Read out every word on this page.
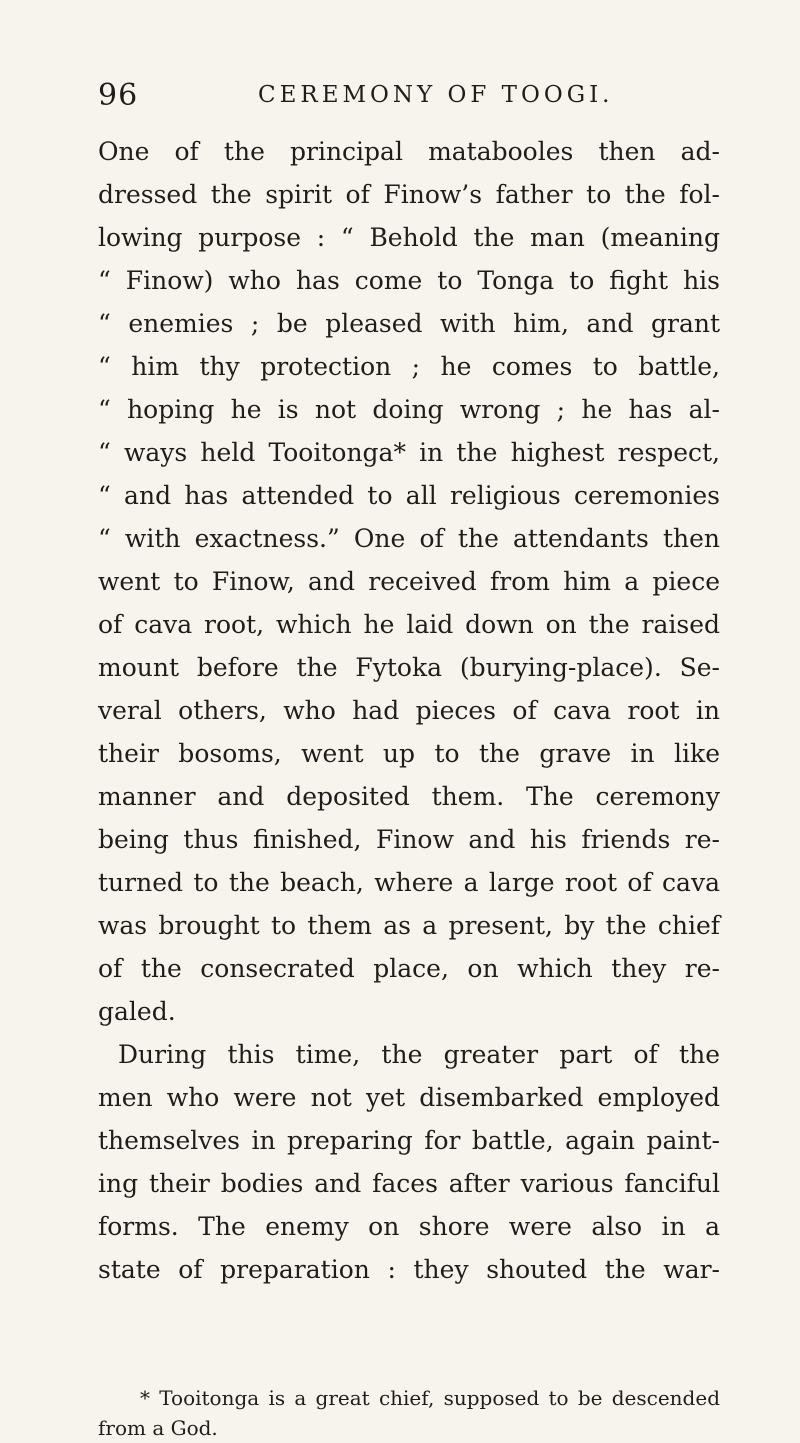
96	CEREMONY OF TOOGI.
One of the principal matabooles then ad-
dressed the spirit of Finow’s father to the fol-
lowing purpose : “ Behold the man (meaning
“ Finow) who has come to Tonga to fight his
“ enemies ; be pleased with him, and grant
“ him thy protection ; he comes to battle,
“ hoping he is not doing wrong ; he has al-
“ ways held Tooitonga* in the highest respect,
“ and has attended to all religious ceremonies
“ with exactness.” One of the attendants then
went to Finow, and received from him a piece
of cava root, which he laid down on the raised
mount before the Fytoka (burying-place). Se-
veral others, who had pieces of cava root in
their bosoms, went up to the grave in like
manner and deposited them. The ceremony
being thus finished, Finow and his friends re-
turned to the beach, where a large root of cava
was brought to them as a present, by the chief
of the consecrated place, on which they re-
galed.
During this time, the greater part of the
men who were not yet disembarked employed
themselves in preparing for battle, again paint-
ing their bodies and faces after various fanciful
forms. The enemy on shore were also in a
state of preparation : they shouted the war-
* Tooitonga is a great chief, supposed to be descended
from a God.
